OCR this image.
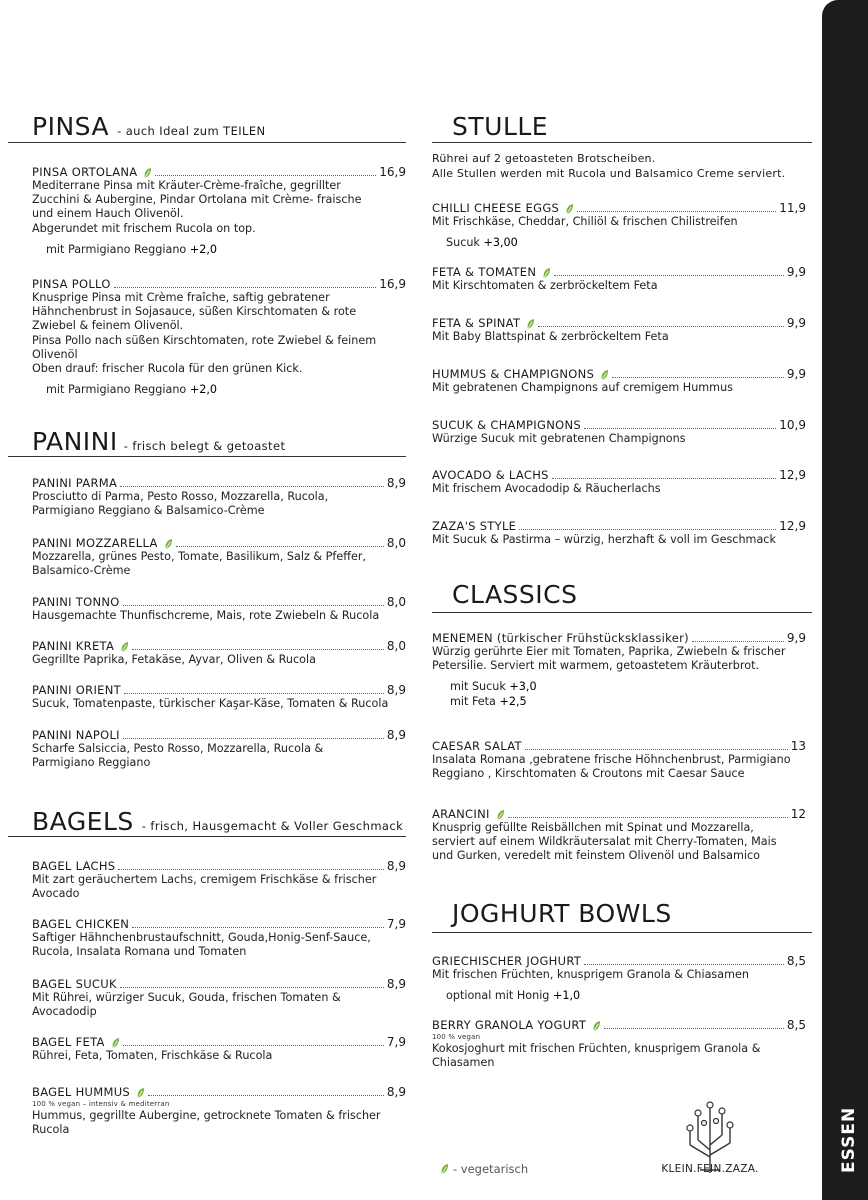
ESSEN
PINSA - auch Ideal zum TEILEN
PINSA ORTOLANA	16,9
Mediterrane Pinsa mit Kräuter-Crème-fraîche, gegrillter
Zucchini & Aubergine, Pindar Ortolana mit Crème- fraische
und einem Hauch Olivenöl.
Abgerundet mit frischem Rucola on top.
mit Parmigiano Reggiano +2,0
PINSA POLLO	16,9
Knusprige Pinsa mit Crème fraîche, saftig gebratener
Hähnchenbrust in Sojasauce, süßen Kirschtomaten & rote
Zwiebel & feinem Olivenöl.
Pinsa Pollo nach süßen Kirschtomaten, rote Zwiebel & feinem
Olivenöl
Oben drauf: frischer Rucola für den grünen Kick.
mit Parmigiano Reggiano +2,0
PANINI - frisch belegt & getoastet
PANINI PARMA	8,9
Prosciutto di Parma, Pesto Rosso, Mozzarella, Rucola,
Parmigiano Reggiano & Balsamico-Crème
PANINI MOZZARELLA	8,0
Mozzarella, grünes Pesto, Tomate, Basilikum, Salz & Pfeffer,
Balsamico-Crème
PANINI TONNO	8,0
Hausgemachte Thunfischcreme, Mais, rote Zwiebeln & Rucola
PANINI KRETA	8,0
Gegrillte Paprika, Fetakäse, Ayvar, Oliven & Rucola
PANINI ORIENT	8,9
Sucuk, Tomatenpaste, türkischer Kaşar-Käse, Tomaten & Rucola
PANINI NAPOLI	8,9
Scharfe Salsiccia, Pesto Rosso, Mozzarella, Rucola &
Parmigiano Reggiano
BAGELS - frisch, Hausgemacht & Voller Geschmack
BAGEL LACHS	8,9
Mit zart geräuchertem Lachs, cremigem Frischkäse & frischer
Avocado
BAGEL CHICKEN	7,9
Saftiger Hähnchenbrustaufschnitt, Gouda,Honig-Senf-Sauce,
Rucola, Insalata Romana und Tomaten
BAGEL SUCUK	8,9
Mit Rührei, würziger Sucuk, Gouda, frischen Tomaten &
Avocadodip
BAGEL FETA	7,9
Rührei, Feta, Tomaten, Frischkäse & Rucola
BAGEL HUMMUS	8,9
100 % vegan – intensiv & mediterran
Hummus, gegrillte Aubergine, getrocknete Tomaten & frischer
Rucola
STULLE
CHILLI CHEESE EGGS	11,9
Mit Frischkäse, Cheddar, Chiliöl & frischen Chilistreifen
Sucuk +3,00
FETA & TOMATEN	9,9
Mit Kirschtomaten & zerbröckeltem Feta
FETA & SPINAT	9,9
Mit Baby Blattspinat & zerbröckeltem Feta
HUMMUS & CHAMPIGNONS	9,9
Mit gebratenen Champignons auf cremigem Hummus
SUCUK & CHAMPIGNONS	10,9
Würzige Sucuk mit gebratenen Champignons
AVOCADO & LACHS	12,9
Mit frischem Avocadodip & Räucherlachs
ZAZA'S STYLE	12,9
Mit Sucuk & Pastirma – würzig, herzhaft & voll im Geschmack
CLASSICS
MENEMEN (türkischer Frühstücksklassiker)	9,9
Würzig gerührte Eier mit Tomaten, Paprika, Zwiebeln & frischer
Petersilie. Serviert mit warmem, getoastetem Kräuterbrot.
mit Sucuk +3,0
mit Feta +2,5
CAESAR SALAT	13
Insalata Romana ,gebratene frische Höhnchenbrust, Parmigiano
Reggiano , Kirschtomaten & Croutons mit Caesar Sauce
ARANCINI	12
Knusprig gefüllte Reisbällchen mit Spinat und Mozzarella,
serviert auf einem Wildkräutersalat mit Cherry-Tomaten, Mais
und Gurken, veredelt mit feinstem Olivenöl und Balsamico
JOGHURT BOWLS
GRIECHISCHER JOGHURT	8,5
Mit frischen Früchten, knusprigem Granola & Chiasamen
optional mit Honig +1,0
BERRY GRANOLA YOGURT	8,5
100 % vegan
Kokosjoghurt mit frischen Früchten, knusprigem Granola &
Chiasamen
Rührei auf 2 getoasteten Brotscheiben.
Alle Stullen werden mit Rucola und Balsamico Creme serviert.
- vegetarisch	KLEIN.FEIN.ZAZA.
